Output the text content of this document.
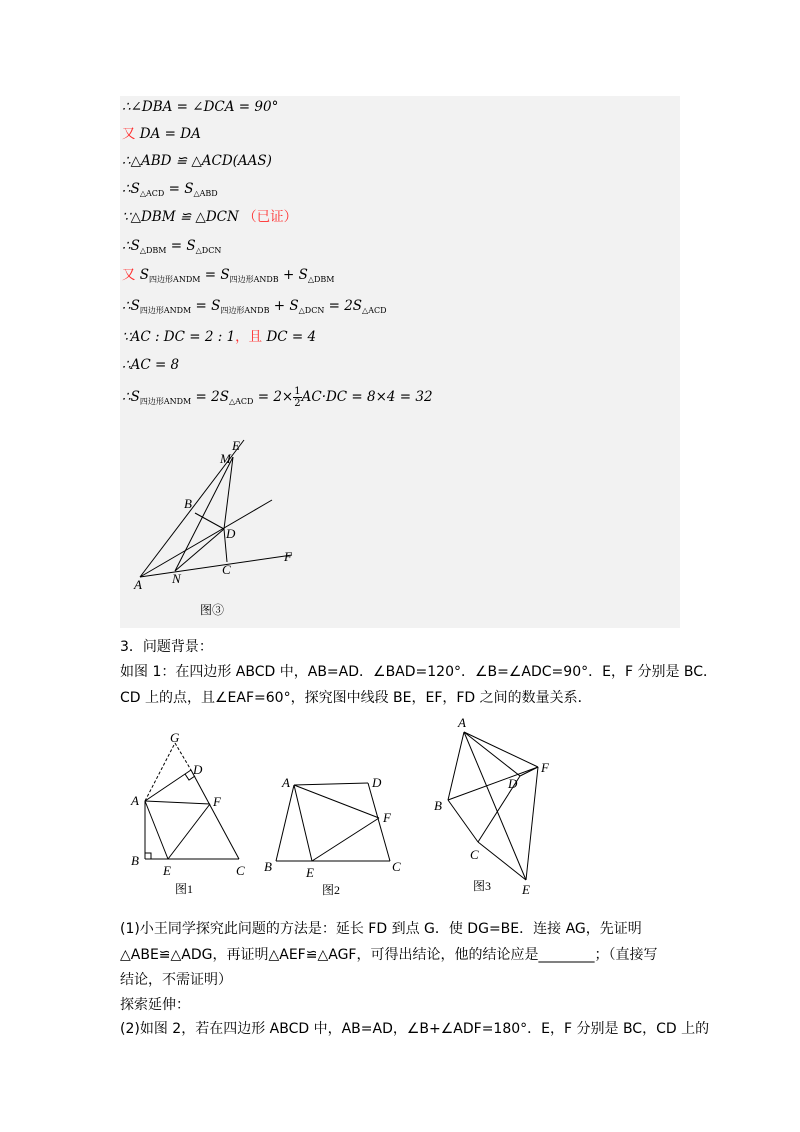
∴∠DBA = ∠DCA = 90°
又 DA = DA
∴△ABD ≌ △ACD(AAS)
$\therefore S_{\triangle ACD} = S_{\triangle ABD}$
∵△DBM ≌ △DCN （已证）
$\therefore S_{\triangle DBM} = S_{\triangle DCN}$
又 $S_{四边形ANDM} = S_{四边形ANDB} + S_{\triangle DBM}$
$\therefore S_{四边形ANDM} = S_{四边形ANDB} + S_{\triangle DCN} = 2S_{\triangle ACD}$
∵AC : DC = 2 : 1，且 DC = 4
∴AC = 8
$\therefore S_{四边形ANDM} = 2S_{\triangle ACD} = 2\times \frac{1}{2} AC\cdot DC = 8\times 4 = 32$
E
M
B
D
F
A N
C
图③
3．问题背景：
如图 1：在四边形 ABCD 中，AB=AD．∠BAD=120°．∠B=∠ADC=90°．E，F 分别是 BC．
CD 上的点，且∠EAF=60°，探究图中线段 BE，EF，FD 之间的数量关系．
G
D
A	F
B
E	C
图1
A	D
F
B	E	C
图2
A
F
D
B
C
E
图3
(1)小王同学探究此问题的方法是：延长 FD 到点 G．使 DG=BE．连接 AG，先证明
△ABE≌△ADG，再证明△AEF≌△AGF，可得出结论，他的结论应是________；（直接写
结论，不需证明）
探索延伸：
(2)如图 2，若在四边形 ABCD 中，AB=AD，∠B+∠ADF=180°．E，F 分别是 BC，CD 上的
